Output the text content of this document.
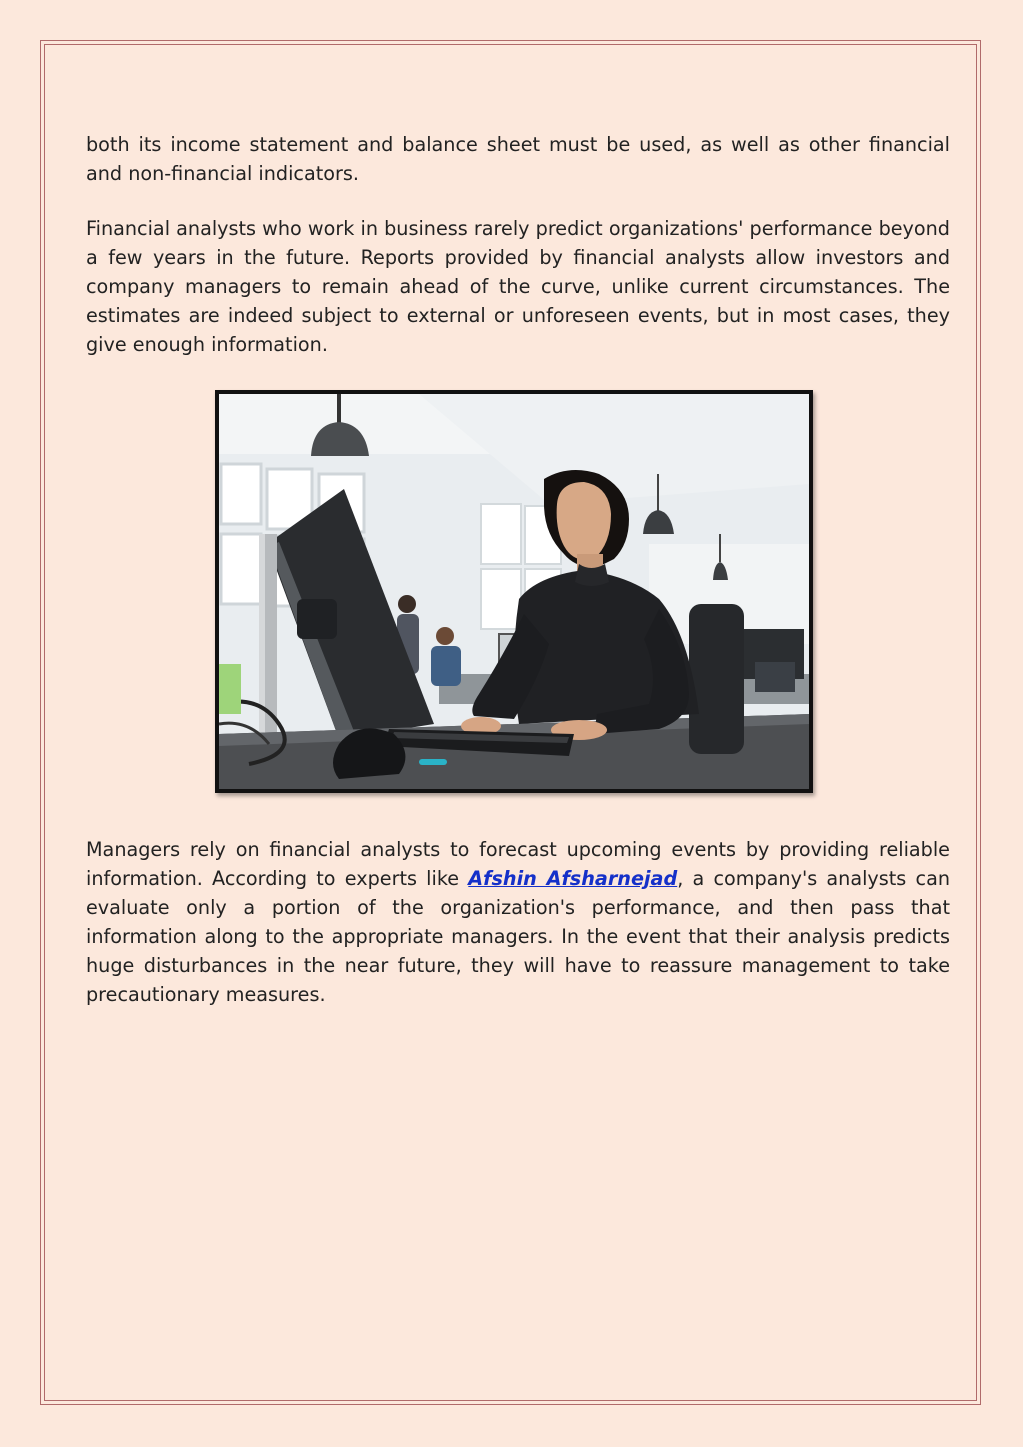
both its income statement and balance sheet must be used, as well as other financial and non-financial indicators.

Financial analysts who work in business rarely predict organizations' performance beyond a few years in the future. Reports provided by financial analysts allow investors and company managers to remain ahead of the curve, unlike current circumstances. The estimates are indeed subject to external or unforeseen events, but in most cases, they give enough information.

Managers rely on financial analysts to forecast upcoming events by providing reliable information. According to experts like Afshin Afsharnejad, a company's analysts can evaluate only a portion of the organization's performance, and then pass that information along to the appropriate managers. In the event that their analysis predicts huge disturbances in the near future, they will have to reassure management to take precautionary measures.
